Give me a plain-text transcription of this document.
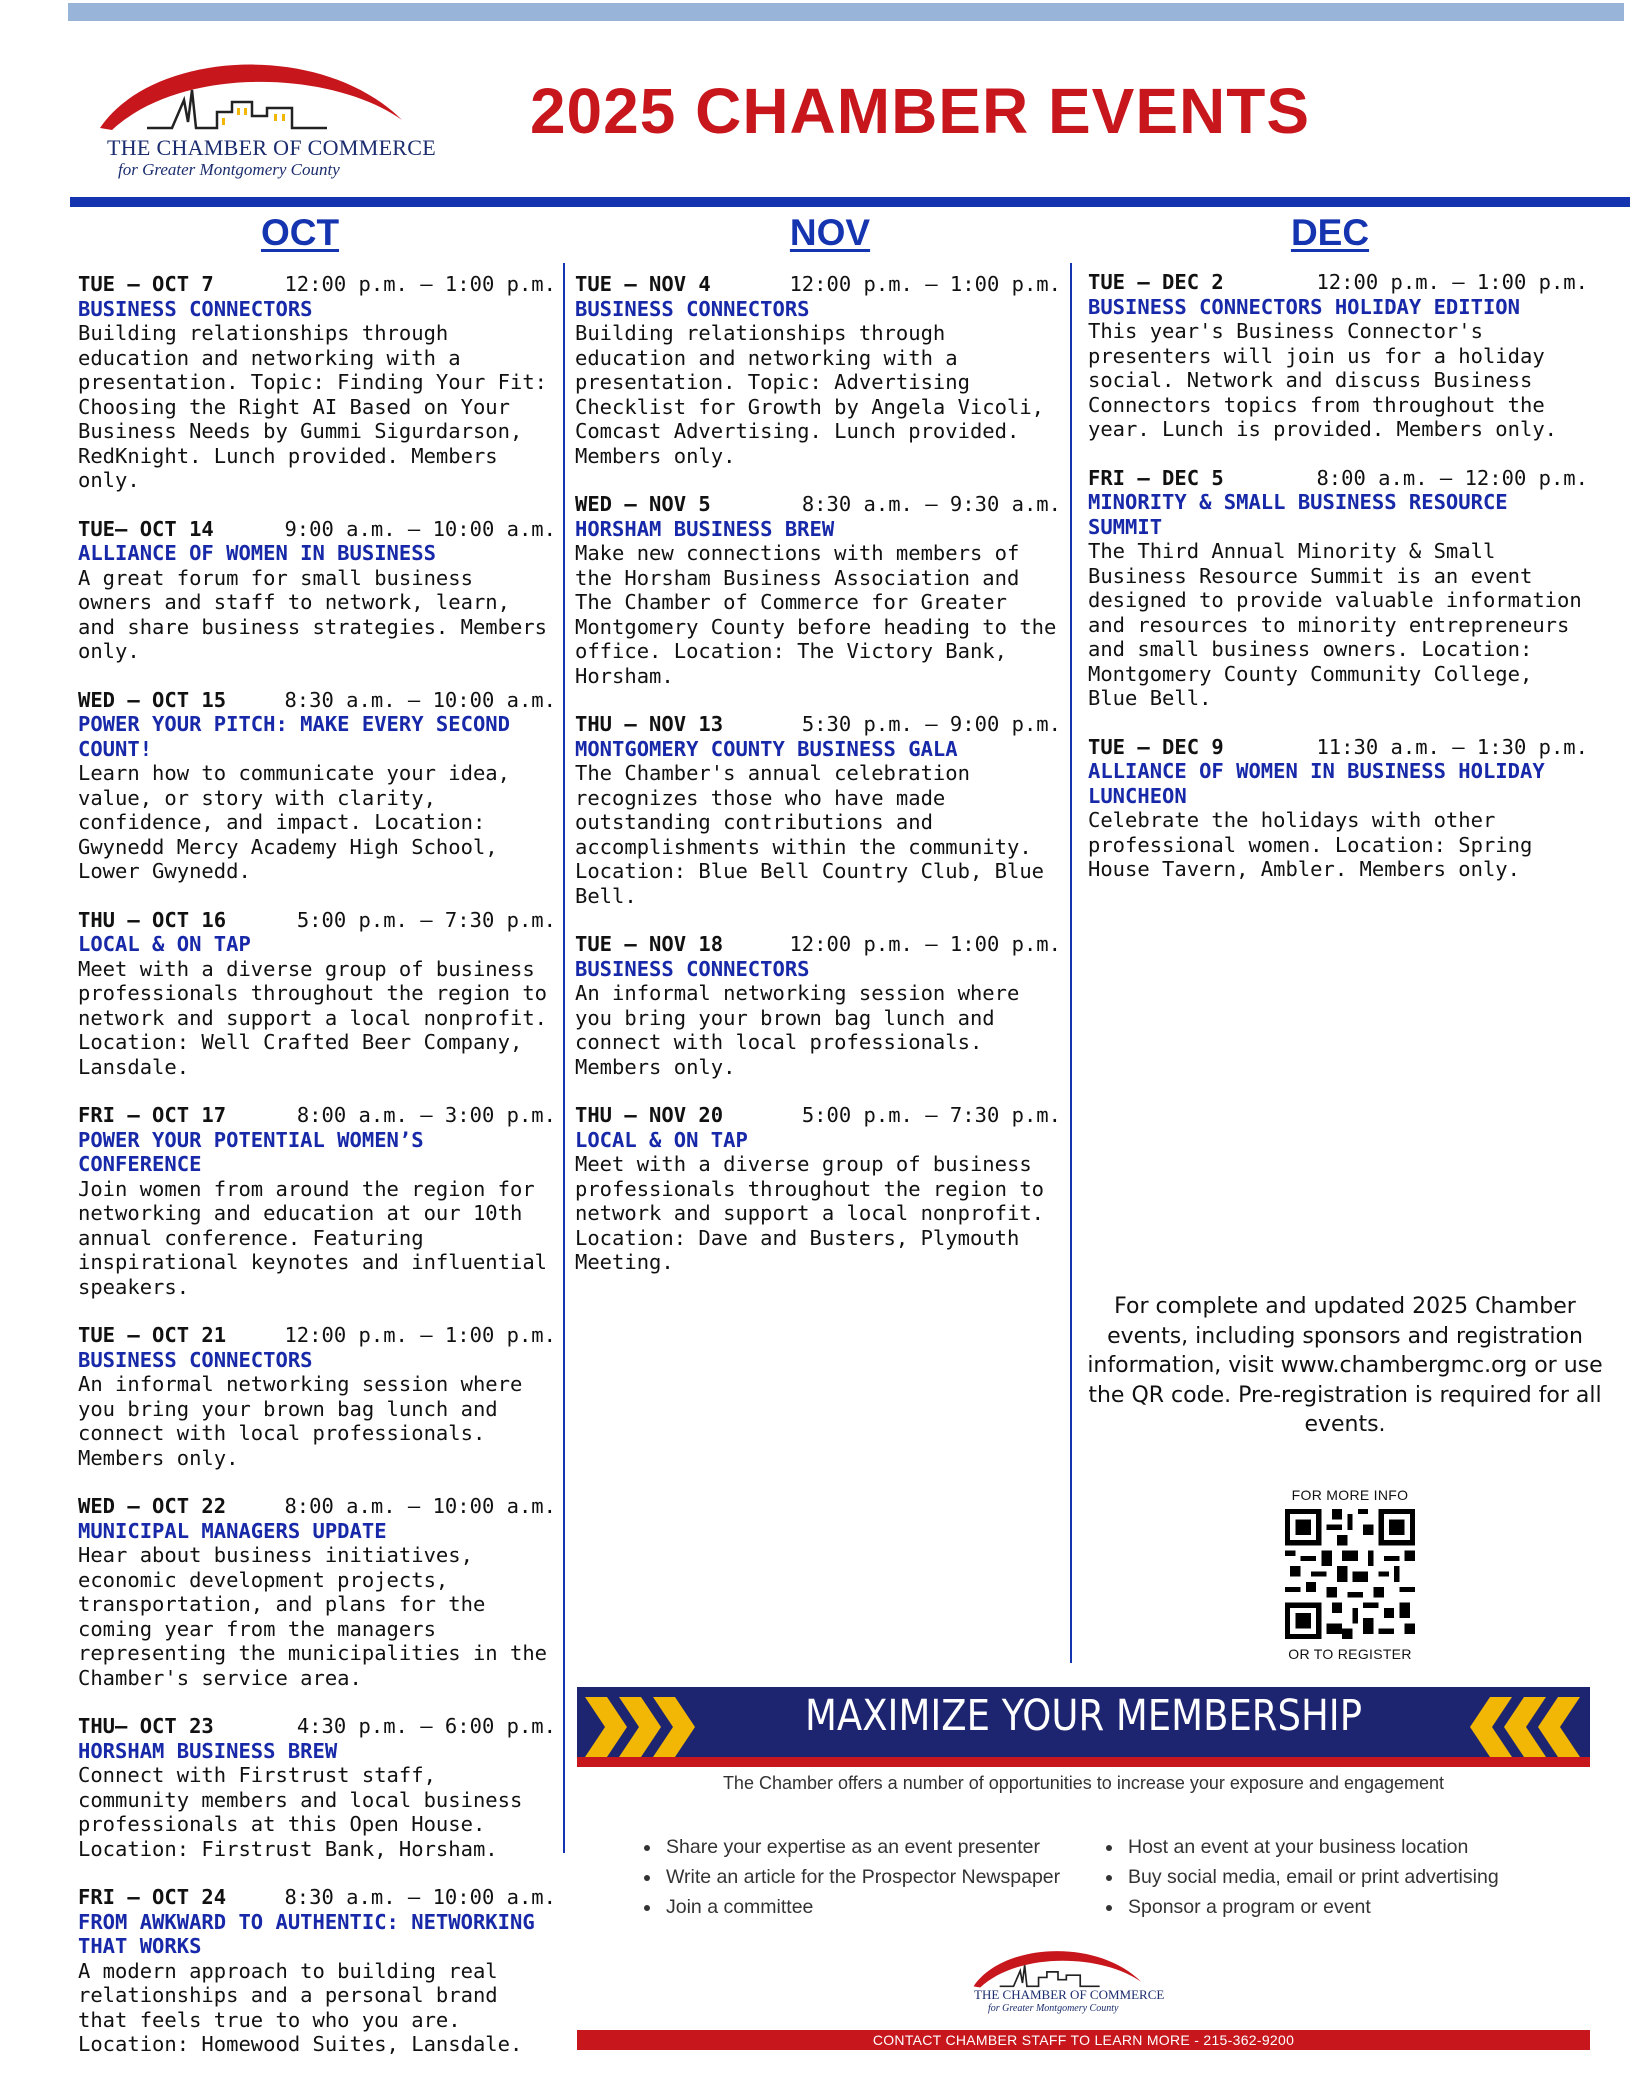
THE CHAMBER OF COMMERCE
for Greater Montgomery County
2025 CHAMBER EVENTS
OCT	NOV	DEC
TUE — OCT 7	12:00 p.m. — 1:00 p.m.
BUSINESS CONNECTORS
Building relationships through education and networking with a presentation. Topic: Finding Your Fit: Choosing the Right AI Based on Your Business Needs by Gummi Sigurdarson, RedKnight. Lunch provided. Members only.
TUE— OCT 14	9:00 a.m. — 10:00 a.m.
ALLIANCE OF WOMEN IN BUSINESS
A great forum for small business owners and staff to network, learn, and share business strategies. Members only.
WED — OCT 15	8:30 a.m. — 10:00 a.m.
POWER YOUR PITCH: MAKE EVERY SECOND COUNT!
Learn how to communicate your idea, value, or story with clarity, confidence, and impact. Location: Gwynedd Mercy Academy High School, Lower Gwynedd.
THU — OCT 16	5:00 p.m. — 7:30 p.m.
LOCAL & ON TAP
Meet with a diverse group of business professionals throughout the region to network and support a local nonprofit. Location: Well Crafted Beer Company, Lansdale.
FRI — OCT 17	8:00 a.m. — 3:00 p.m.
POWER YOUR POTENTIAL WOMEN’S CONFERENCE
Join women from around the region for networking and education at our 10th annual conference. Featuring inspirational keynotes and influential speakers.
TUE — OCT 21	12:00 p.m. — 1:00 p.m.
BUSINESS CONNECTORS
An informal networking session where you bring your brown bag lunch and connect with local professionals. Members only.
WED — OCT 22	8:00 a.m. — 10:00 a.m.
MUNICIPAL MANAGERS UPDATE
Hear about business initiatives, economic development projects, transportation, and plans for the coming year from the managers representing the municipalities in the Chamber's service area.
THU— OCT 23	4:30 p.m. — 6:00 p.m.
HORSHAM BUSINESS BREW
Connect with Firstrust staff, community members and local business professionals at this Open House. Location: Firstrust Bank, Horsham.
FRI — OCT 24	8:30 a.m. — 10:00 a.m.
FROM AWKWARD TO AUTHENTIC: NETWORKING THAT WORKS
A modern approach to building real relationships and a personal brand that feels true to who you are. Location: Homewood Suites, Lansdale.
TUE — NOV 4	12:00 p.m. — 1:00 p.m.
BUSINESS CONNECTORS
Building relationships through education and networking with a presentation. Topic: Advertising Checklist for Growth by Angela Vicoli, Comcast Advertising. Lunch provided. Members only.
WED — NOV 5	8:30 a.m. — 9:30 a.m.
HORSHAM BUSINESS BREW
Make new connections with members of the Horsham Business Association and The Chamber of Commerce for Greater Montgomery County before heading to the office. Location: The Victory Bank, Horsham.
THU — NOV 13	5:30 p.m. — 9:00 p.m.
MONTGOMERY COUNTY BUSINESS GALA
The Chamber's annual celebration recognizes those who have made outstanding contributions and accomplishments within the community. Location: Blue Bell Country Club, Blue Bell.
TUE — NOV 18	12:00 p.m. — 1:00 p.m.
BUSINESS CONNECTORS
An informal networking session where you bring your brown bag lunch and connect with local professionals. Members only.
THU — NOV 20	5:00 p.m. — 7:30 p.m.
LOCAL & ON TAP
Meet with a diverse group of business professionals throughout the region to network and support a local nonprofit. Location: Dave and Busters, Plymouth Meeting.
TUE — DEC 2	12:00 p.m. — 1:00 p.m.
BUSINESS CONNECTORS HOLIDAY EDITION
This year's Business Connector's presenters will join us for a holiday social. Network and discuss Business Connectors topics from throughout the year. Lunch is provided. Members only.
FRI — DEC 5	8:00 a.m. — 12:00 p.m.
MINORITY & SMALL BUSINESS RESOURCE SUMMIT
The Third Annual Minority & Small Business Resource Summit is an event designed to provide valuable information and resources to minority entrepreneurs and small business owners. Location: Montgomery County Community College, Blue Bell.
TUE — DEC 9	11:30 a.m. — 1:30 p.m.
ALLIANCE OF WOMEN IN BUSINESS HOLIDAY LUNCHEON
Celebrate the holidays with other professional women. Location: Spring House Tavern, Ambler. Members only.
For complete and updated 2025 Chamber events, including sponsors and registration information, visit www.chambergmc.org or use the QR code. Pre-registration is required for all events.
FOR MORE INFO
OR TO REGISTER
MAXIMIZE YOUR MEMBERSHIP
The Chamber offers a number of opportunities to increase your exposure and engagement
• Share your expertise as an event presenter
• Write an article for the Prospector Newspaper
• Join a committee
• Host an event at your business location
• Buy social media, email or print advertising
• Sponsor a program or event
THE CHAMBER OF COMMERCE
for Greater Montgomery County
CONTACT CHAMBER STAFF TO LEARN MORE - 215-362-9200
